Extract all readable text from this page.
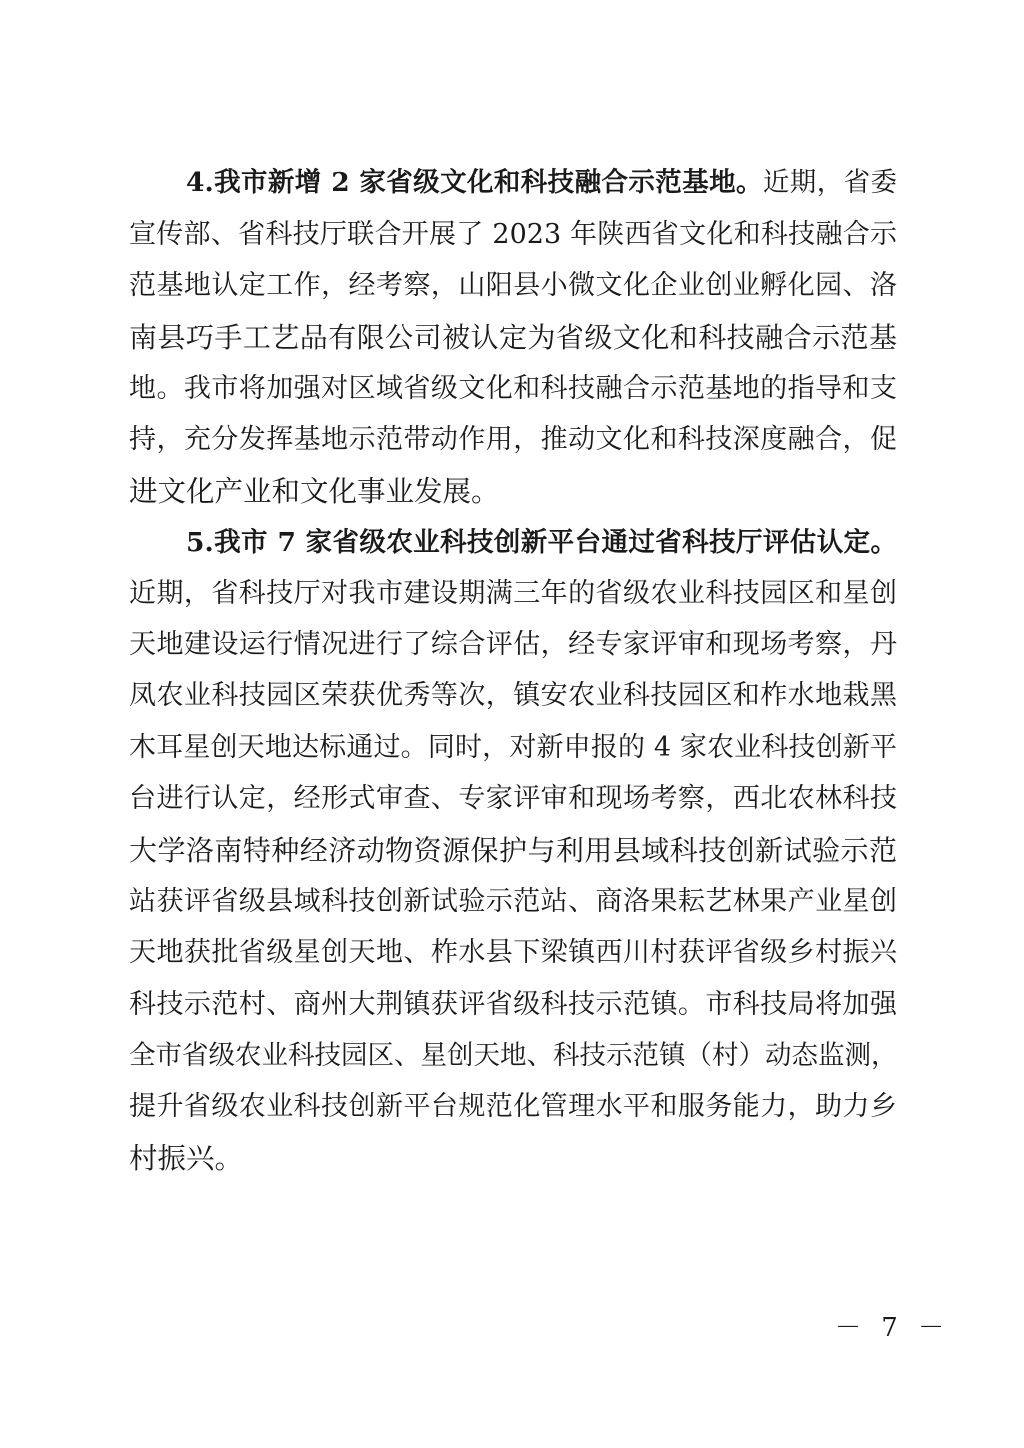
4.我市新增 2 家省级文化和科技融合示范基地。近期，省委
宣传部、省科技厅联合开展了 2023 年陕西省文化和科技融合示
范基地认定工作，经考察，山阳县小微文化企业创业孵化园、洛
南县巧手工艺品有限公司被认定为省级文化和科技融合示范基
地。我市将加强对区域省级文化和科技融合示范基地的指导和支
持，充分发挥基地示范带动作用，推动文化和科技深度融合，促
进文化产业和文化事业发展。
5.我市 7 家省级农业科技创新平台通过省科技厅评估认定。
近期，省科技厅对我市建设期满三年的省级农业科技园区和星创
天地建设运行情况进行了综合评估，经专家评审和现场考察，丹
凤农业科技园区荣获优秀等次，镇安农业科技园区和柞水地栽黑
木耳星创天地达标通过。同时，对新申报的 4 家农业科技创新平
台进行认定，经形式审查、专家评审和现场考察，西北农林科技
大学洛南特种经济动物资源保护与利用县域科技创新试验示范
站获评省级县域科技创新试验示范站、商洛果耘艺林果产业星创
天地获批省级星创天地、柞水县下梁镇西川村获评省级乡村振兴
科技示范村、商州大荆镇获评省级科技示范镇。市科技局将加强
全市省级农业科技园区、星创天地、科技示范镇（村）动态监测，
提升省级农业科技创新平台规范化管理水平和服务能力，助力乡
村振兴。
－ 7 －
